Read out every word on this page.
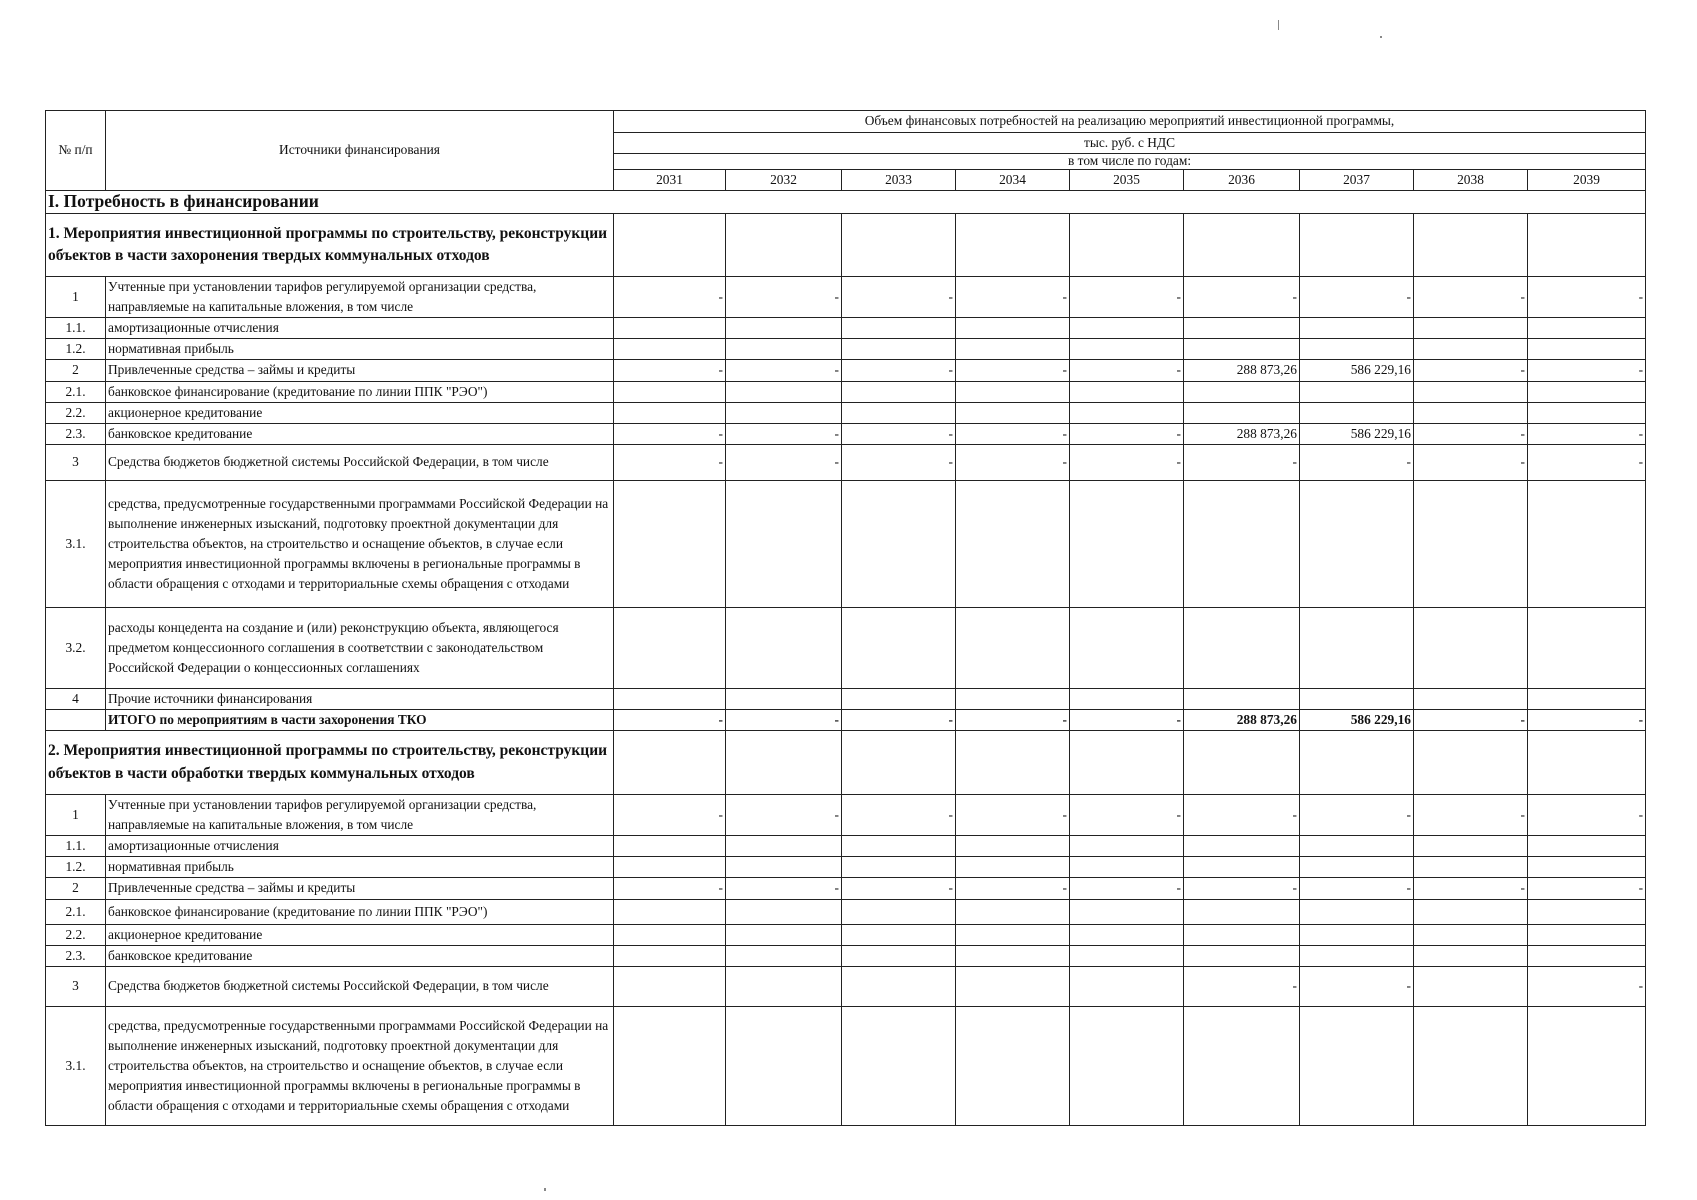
№ п/п	Источники финансирования	Объем финансовых потребностей на реализацию мероприятий инвестиционной программы,								
		тыс. руб. с НДС								
		в том числе по годам:								
		2031	2032	2033	2034	2035	2036	2037	2038	2039
I. Потребность в финансировании										
1. Мероприятия инвестиционной программы по строительству, реконструкции объектов в части захоронения твердых коммунальных отходов										
1	Учтенные при установлении тарифов регулируемой организации средства, направляемые на капитальные вложения, в том числе	-	-	-	-	-	-	-	-	-
1.1.	амортизационные отчисления									
1.2.	нормативная прибыль									
2	Привлеченные средства – займы и кредиты	-	-	-	-	-	288 873,26	586 229,16	-	-
2.1.	банковское финансирование (кредитование по линии ППК "РЭО")									
2.2.	акционерное кредитование									
2.3.	банковское кредитование	-	-	-	-	-	288 873,26	586 229,16	-	-
3	Средства бюджетов бюджетной системы Российской Федерации, в том числе	-	-	-	-	-	-	-	-	-
3.1.	средства, предусмотренные государственными программами Российской Федерации на выполнение инженерных изысканий, подготовку проектной документации для строительства объектов, на строительство и оснащение объектов, в случае если мероприятия инвестиционной программы включены в региональные программы в области обращения с отходами и территориальные схемы обращения с отходами									
3.2.	расходы концедента на создание и (или) реконструкцию объекта, являющегося предметом концессионного соглашения в соответствии с законодательством Российской Федерации о концессионных соглашениях									
4	Прочие источники финансирования									
	ИТОГО по мероприятиям в части захоронения ТКО	-	-	-	-	-	288 873,26	586 229,16	-	-
2. Мероприятия инвестиционной программы по строительству, реконструкции объектов в части обработки твердых коммунальных отходов										
1	Учтенные при установлении тарифов регулируемой организации средства, направляемые на капитальные вложения, в том числе	-	-	-	-	-	-	-	-	-
1.1.	амортизационные отчисления									
1.2.	нормативная прибыль									
2	Привлеченные средства – займы и кредиты	-	-	-	-	-	-	-	-	-
2.1.	банковское финансирование (кредитование по линии ППК "РЭО")									
2.2.	акционерное кредитование									
2.3.	банковское кредитование									
3	Средства бюджетов бюджетной системы Российской Федерации, в том числе						-	-		-
3.1.	средства, предусмотренные государственными программами Российской Федерации на выполнение инженерных изысканий, подготовку проектной документации для строительства объектов, на строительство и оснащение объектов, в случае если мероприятия инвестиционной программы включены в региональные программы в области обращения с отходами и территориальные схемы обращения с отходами									
